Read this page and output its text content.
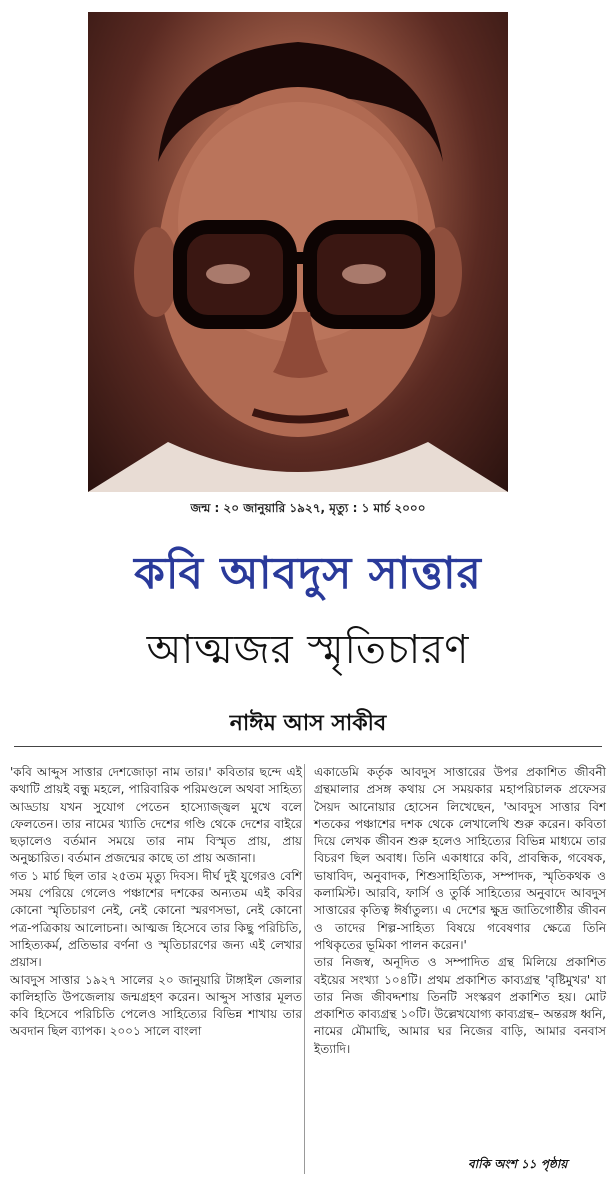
জন্ম : ২০ জানুয়ারি ১৯২৭, মৃত্যু : ১ মার্চ ২০০০
কবি আবদুস সাত্তার
আত্মজর স্মৃতিচারণ
নাঈম আস সাকীব

'কবি আব্দুস সাত্তার দেশজোড়া নাম তার।' কবিতার ছন্দে এই কথাটি প্রায়ই বন্ধু মহলে, পারিবারিক পরিমণ্ডলে অথবা সাহিত্য আড্ডায় যখন সুযোগ পেতেন হাস্যোজ্জ্বল মুখে বলে ফেলতেন। তার নামের খ্যাতি দেশের গণ্ডি থেকে দেশের বাইরে ছড়ালেও বর্তমান সময়ে তার নাম বিস্মৃত প্রায়, প্রায় অনুচ্চারিত। বর্তমান প্রজন্মের কাছে তা প্রায় অজানা।

গত ১ মার্চ ছিল তার ২৫তম মৃত্যু দিবস। দীর্ঘ দুই যুগেরও বেশি সময় পেরিয়ে গেলেও পঞ্চাশের দশকের অন্যতম এই কবির কোনো স্মৃতিচারণ নেই, নেই কোনো স্মরণসভা, নেই কোনো পত্র-পত্রিকায় আলোচনা। আত্মজ হিসেবে তার কিছু পরিচিতি, সাহিত্যকর্ম, প্রতিভার বর্ণনা ও স্মৃতিচারণের জন্য এই লেখার প্রয়াস।

আবদুস সাত্তার ১৯২৭ সালের ২০ জানুয়ারি টাঙ্গাইল জেলার কালিহাতি উপজেলায় জন্মগ্রহণ করেন। আব্দুস সাত্তার মূলত কবি হিসেবে পরিচিতি পেলেও সাহিত্যের বিভিন্ন শাখায় তার অবদান ছিল ব্যাপক। ২০০১ সালে বাংলা

একাডেমি কর্তৃক আবদুস সাত্তারের উপর প্রকাশিত জীবনী গ্রন্থমালার প্রসঙ্গ কথায় সে সময়কার মহাপরিচালক প্রফেসর সৈয়দ আনোয়ার হোসেন লিখেছেন, 'আবদুস সাত্তার বিশ শতকের পঞ্চাশের দশক থেকে লেখালেখি শুরু করেন। কবিতা দিয়ে লেখক জীবন শুরু হলেও সাহিত্যের বিভিন্ন মাধ্যমে তার বিচরণ ছিল অবাধ। তিনি একাধারে কবি, প্রাবন্ধিক, গবেষক, ভাষাবিদ, অনুবাদক, শিশুসাহিত্যিক, সম্পাদক, স্মৃতিকথক ও কলামিস্ট। আরবি, ফার্সি ও তুর্কি সাহিত্যের অনুবাদে আবদুস সাত্তারের কৃতিত্ব ঈর্ষাতুল্য। এ দেশের ক্ষুদ্র জাতিগোষ্ঠীর জীবন ও তাদের শিল্প-সাহিত্য বিষয়ে গবেষণার ক্ষেত্রে তিনি পথিকৃতের ভূমিকা পালন করেন।'

তার নিজস্ব, অনূদিত ও সম্পাদিত গ্রন্থ মিলিয়ে প্রকাশিত বইয়ের সংখ্যা ১০৪টি। প্রথম প্রকাশিত কাব্যগ্রন্থ 'বৃষ্টিমুখর' যা তার নিজ জীবদ্দশায় তিনটি সংস্করণ প্রকাশিত হয়। মোট প্রকাশিত কাব্যগ্রন্থ ১০টি। উল্লেখযোগ্য কাব্যগ্রন্থ– অন্তরঙ্গ ধ্বনি, নামের মৌমাছি, আমার ঘর নিজের বাড়ি, আমার বনবাস ইত্যাদি।

বাকি অংশ ১১ পৃষ্ঠায়
